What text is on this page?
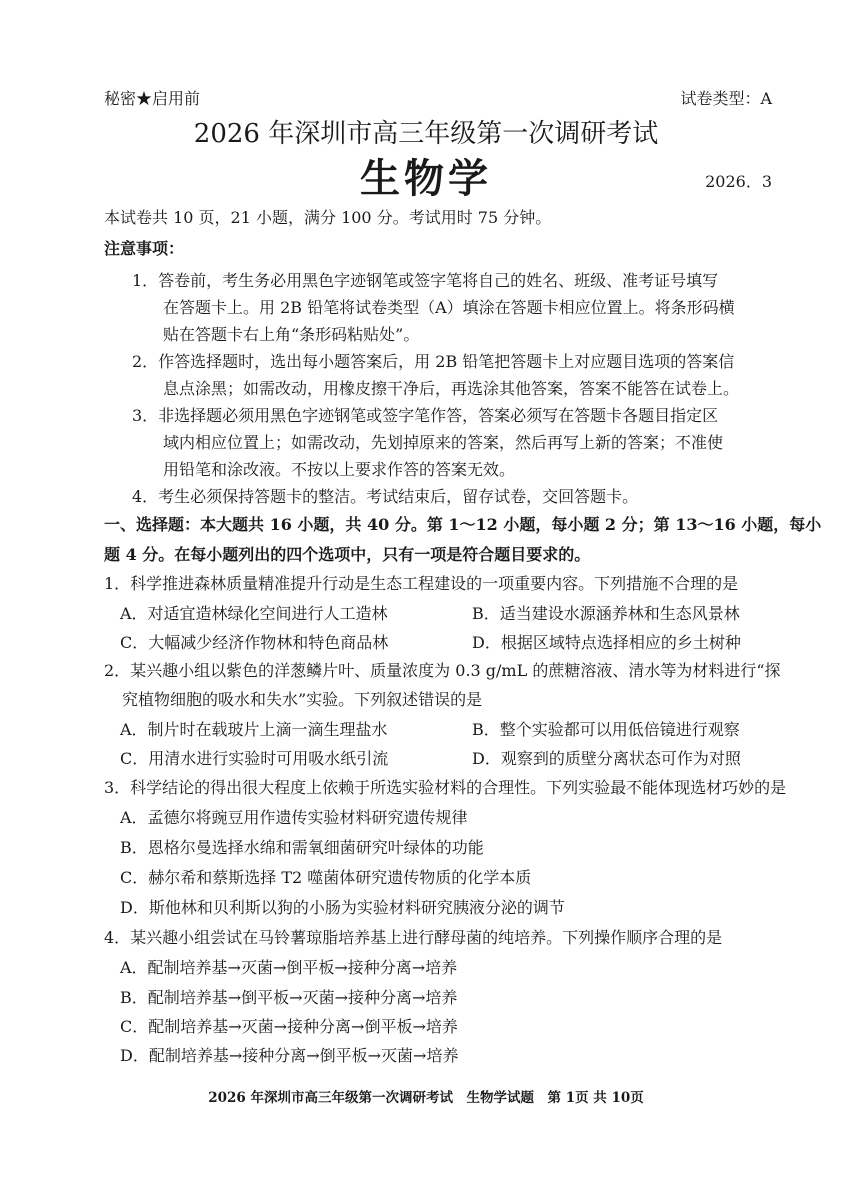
秘密★启用前	试卷类型：A
2026 年深圳市高三年级第一次调研考试
生物学	2026．3
本试卷共 10 页，21 小题，满分 100 分。考试用时 75 分钟。
注意事项：
1．答卷前，考生务必用黑色字迹钢笔或签字笔将自己的姓名、班级、准考证号填写
在答题卡上。用 2B 铅笔将试卷类型（A）填涂在答题卡相应位置上。将条形码横
贴在答题卡右上角“条形码粘贴处”。
2．作答选择题时，选出每小题答案后，用 2B 铅笔把答题卡上对应题目选项的答案信
息点涂黑；如需改动，用橡皮擦干净后，再选涂其他答案，答案不能答在试卷上。
3．非选择题必须用黑色字迹钢笔或签字笔作答，答案必须写在答题卡各题目指定区
域内相应位置上；如需改动，先划掉原来的答案，然后再写上新的答案；不准使
用铅笔和涂改液。不按以上要求作答的答案无效。
4．考生必须保持答题卡的整洁。考试结束后，留存试卷，交回答题卡。
一、选择题：本大题共 16 小题，共 40 分。第 1～12 小题，每小题 2 分；第 13～16 小题，每小
题 4 分。在每小题列出的四个选项中，只有一项是符合题目要求的。
1．科学推进森林质量精准提升行动是生态工程建设的一项重要内容。下列措施不合理的是
A．对适宜造林绿化空间进行人工造林	B．适当建设水源涵养林和生态风景林
C．大幅减少经济作物林和特色商品林	D．根据区域特点选择相应的乡土树种
2．某兴趣小组以紫色的洋葱鳞片叶、质量浓度为 0.3 g/mL 的蔗糖溶液、清水等为材料进行“探
究植物细胞的吸水和失水”实验。下列叙述错误的是
A．制片时在载玻片上滴一滴生理盐水	B．整个实验都可以用低倍镜进行观察
C．用清水进行实验时可用吸水纸引流	D．观察到的质壁分离状态可作为对照
3．科学结论的得出很大程度上依赖于所选实验材料的合理性。下列实验最不能体现选材巧妙的是
A．孟德尔将豌豆用作遗传实验材料研究遗传规律
B．恩格尔曼选择水绵和需氧细菌研究叶绿体的功能
C．赫尔希和蔡斯选择 T2 噬菌体研究遗传物质的化学本质
D．斯他林和贝利斯以狗的小肠为实验材料研究胰液分泌的调节
4．某兴趣小组尝试在马铃薯琼脂培养基上进行酵母菌的纯培养。下列操作顺序合理的是
A．配制培养基→灭菌→倒平板→接种分离→培养
B．配制培养基→倒平板→灭菌→接种分离→培养
C．配制培养基→灭菌→接种分离→倒平板→培养
D．配制培养基→接种分离→倒平板→灭菌→培养
2026 年深圳市高三年级第一次调研考试　生物学试题　第 1页 共 10页
